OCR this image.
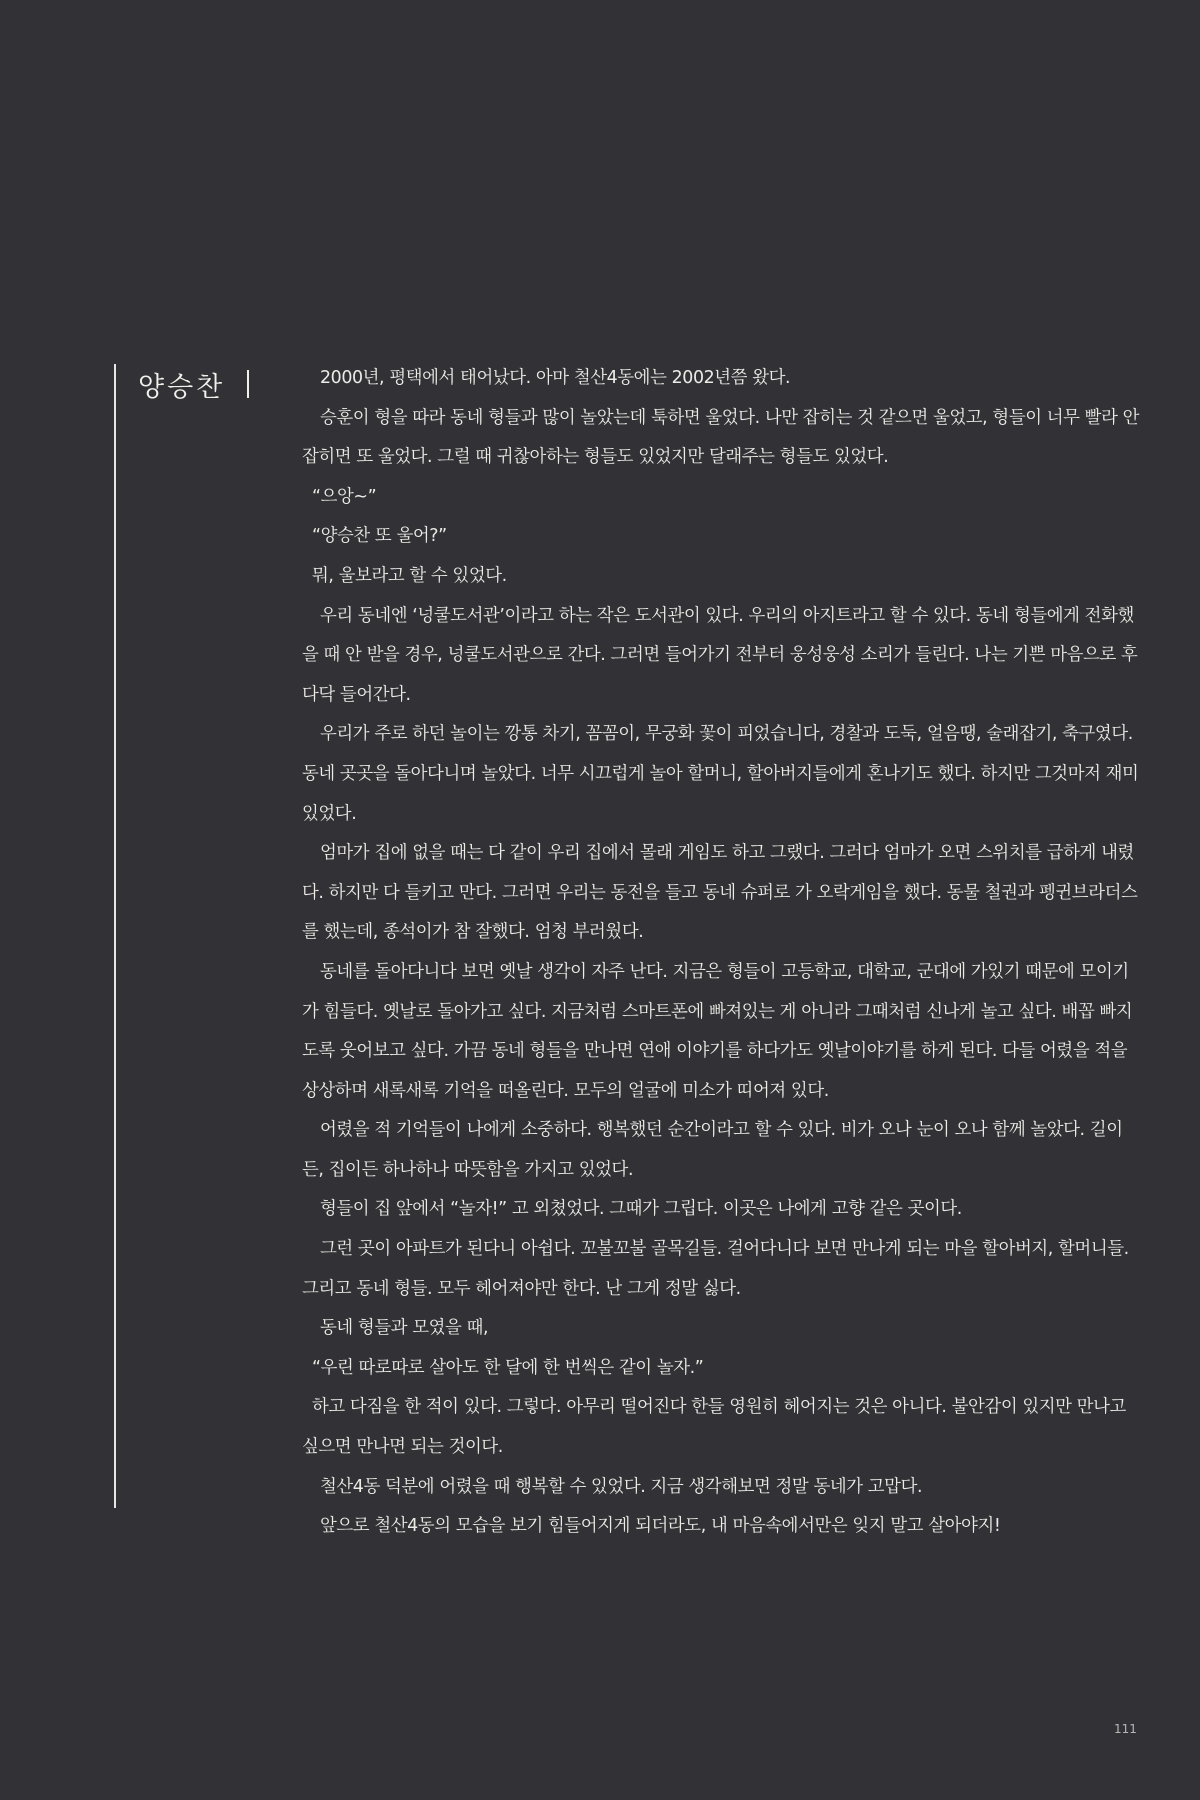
양승찬	2000년, 평택에서 태어났다. 아마 철산4동에는 2002년쯤 왔다.

승훈이 형을 따라 동네 형들과 많이 놀았는데 툭하면 울었다. 나만 잡히는 것 같으면 울었고, 형들이 너무 빨라 안 잡히면 또 울었다. 그럴 때 귀찮아하는 형들도 있었지만 달래주는 형들도 있었다.

“으앙~”

“양승찬 또 울어?”

뭐, 울보라고 할 수 있었다.

우리 동네엔 ‘넝쿨도서관’이라고 하는 작은 도서관이 있다. 우리의 아지트라고 할 수 있다. 동네 형들에게 전화했을 때 안 받을 경우, 넝쿨도서관으로 간다. 그러면 들어가기 전부터 웅성웅성 소리가 들린다. 나는 기쁜 마음으로 후다닥 들어간다.

우리가 주로 하던 놀이는 깡통 차기, 꼼꼼이, 무궁화 꽃이 피었습니다, 경찰과 도둑, 얼음땡, 술래잡기, 축구였다. 동네 곳곳을 돌아다니며 놀았다. 너무 시끄럽게 놀아 할머니, 할아버지들에게 혼나기도 했다. 하지만 그것마저 재미있었다.

엄마가 집에 없을 때는 다 같이 우리 집에서 몰래 게임도 하고 그랬다. 그러다 엄마가 오면 스위치를 급하게 내렸다. 하지만 다 들키고 만다. 그러면 우리는 동전을 들고 동네 슈퍼로 가 오락게임을 했다. 동물 철권과 펭귄브라더스를 했는데, 종석이가 참 잘했다. 엄청 부러웠다.

동네를 돌아다니다 보면 옛날 생각이 자주 난다. 지금은 형들이 고등학교, 대학교, 군대에 가있기 때문에 모이기가 힘들다. 옛날로 돌아가고 싶다. 지금처럼 스마트폰에 빠져있는 게 아니라 그때처럼 신나게 놀고 싶다. 배꼽 빠지도록 웃어보고 싶다. 가끔 동네 형들을 만나면 연애 이야기를 하다가도 옛날이야기를 하게 된다. 다들 어렸을 적을 상상하며 새록새록 기억을 떠올린다. 모두의 얼굴에 미소가 띠어져 있다.

어렸을 적 기억들이 나에게 소중하다. 행복했던 순간이라고 할 수 있다. 비가 오나 눈이 오나 함께 놀았다. 길이든, 집이든 하나하나 따뜻함을 가지고 있었다.

형들이 집 앞에서 “놀자!” 고 외쳤었다. 그때가 그립다. 이곳은 나에게 고향 같은 곳이다.

그런 곳이 아파트가 된다니 아쉽다. 꼬불꼬불 골목길들. 걸어다니다 보면 만나게 되는 마을 할아버지, 할머니들. 그리고 동네 형들. 모두 헤어져야만 한다. 난 그게 정말 싫다.

동네 형들과 모였을 때,

“우린 따로따로 살아도 한 달에 한 번씩은 같이 놀자.”

하고 다짐을 한 적이 있다. 그렇다. 아무리 떨어진다 한들 영원히 헤어지는 것은 아니다. 불안감이 있지만 만나고 싶으면 만나면 되는 것이다.

철산4동 덕분에 어렸을 때 행복할 수 있었다. 지금 생각해보면 정말 동네가 고맙다.

앞으로 철산4동의 모습을 보기 힘들어지게 되더라도, 내 마음속에서만은 잊지 말고 살아야지!

111
